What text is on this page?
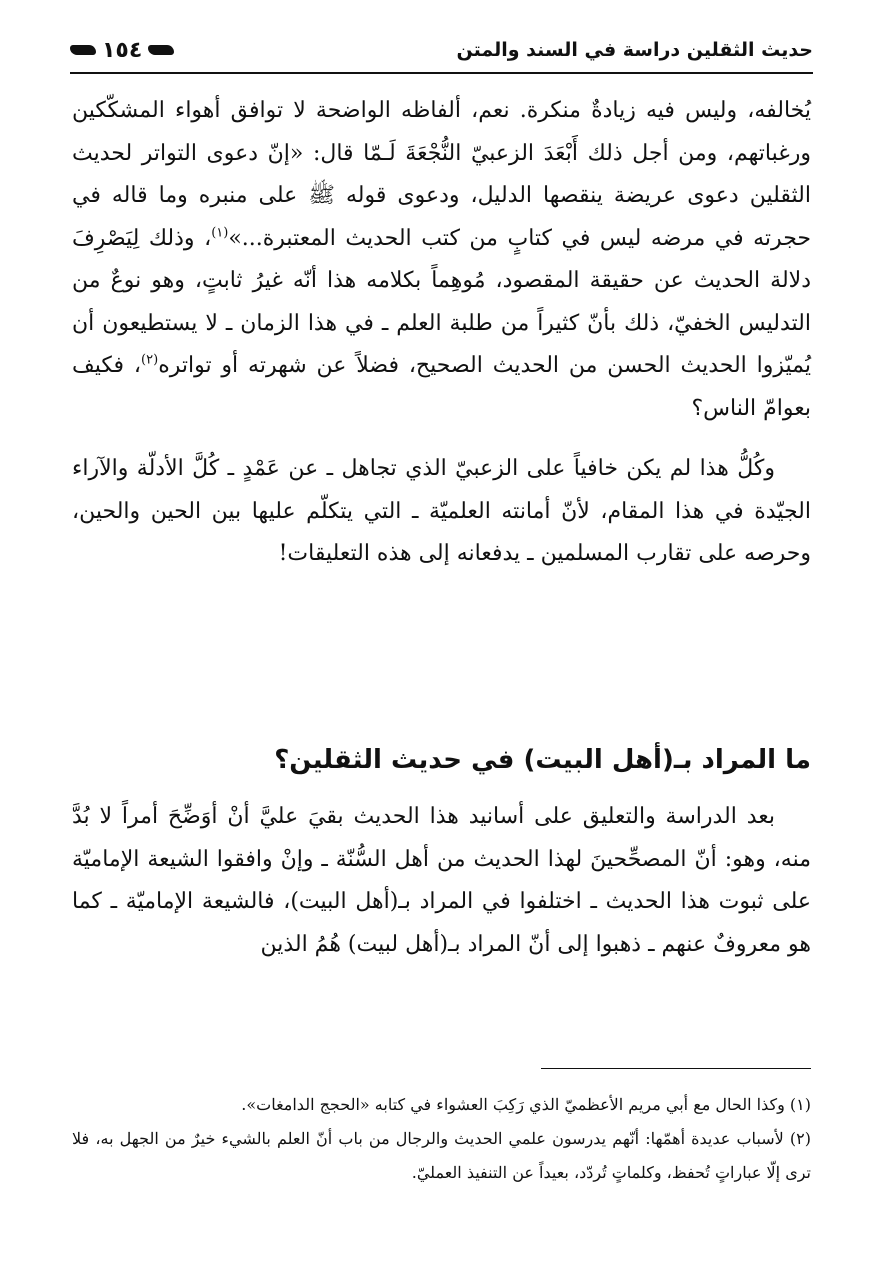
حديث الثقلين دراسة في السند والمتن
١٥٤

يُخالفه، وليس فيه زيادةٌ منكرة. نعم، ألفاظه الواضحة لا توافق أهواء المشكّكين ورغباتهم، ومن أجل ذلك أَبْعَدَ الزعبيّ النُّجْعَةَ لَـمّا قال: «إنّ دعوى التواتر لحديث الثقلين دعوى عريضة ينقصها الدليل، ودعوى قوله ﷺ على منبره وما قاله في حجرته في مرضه ليس في كتابٍ من كتب الحديث المعتبرة...»$^{(١)}$، وذلك لِيَصْرِفَ دلالة الحديث عن حقيقة المقصود، مُوهِماً بكلامه هذا أنّه غيرُ ثابتٍ، وهو نوعٌ من التدليس الخفيّ، ذلك بأنّ كثيراً من طلبة العلم ـ في هذا الزمان ـ لا يستطيعون أن يُميّزوا الحديث الحسن من الحديث الصحيح، فضلاً عن شهرته أو تواتره$^{(٢)}$، فكيف بعوامّ الناس؟

وكُلُّ هذا لم يكن خافياً على الزعبيّ الذي تجاهل ـ عن عَمْدٍ ـ كُلَّ الأدلّة والآراء الجيّدة في هذا المقام، لأنّ أمانته العلميّة ـ التي يتكلّم عليها بين الحين والحين، وحرصه على تقارب المسلمين ـ يدفعانه إلى هذه التعليقات!

ما المراد بـ(أهل البيت) في حديث الثقلين؟

بعد الدراسة والتعليق على أسانيد هذا الحديث بقيَ عليَّ أنْ أوَضِّحَ أمراً لا بُدَّ منه، وهو: أنّ المصحِّحينَ لهذا الحديث من أهل السُّنّة ـ وإنْ وافقوا الشيعة الإماميّة على ثبوت هذا الحديث ـ اختلفوا في المراد بـ(أهل البيت)، فالشيعة الإماميّة ـ كما هو معروفٌ عنهم ـ ذهبوا إلى أنّ المراد بـ(أهل لبيت) هُمُ الذين

(١) وكذا الحال مع أبي مريم الأعظميّ الذي رَكِبَ العشواء في كتابه «الحجج الدامغات».

(٢) لأسباب عديدة أهمّها: أنّهم يدرسون علمي الحديث والرجال من باب أنّ العلم بالشيء خيرٌ من الجهل به، فلا ترى إلّا عباراتٍ تُحفظ، وكلماتٍ تُردّد، بعيداً عن التنفيذ العمليّ.
